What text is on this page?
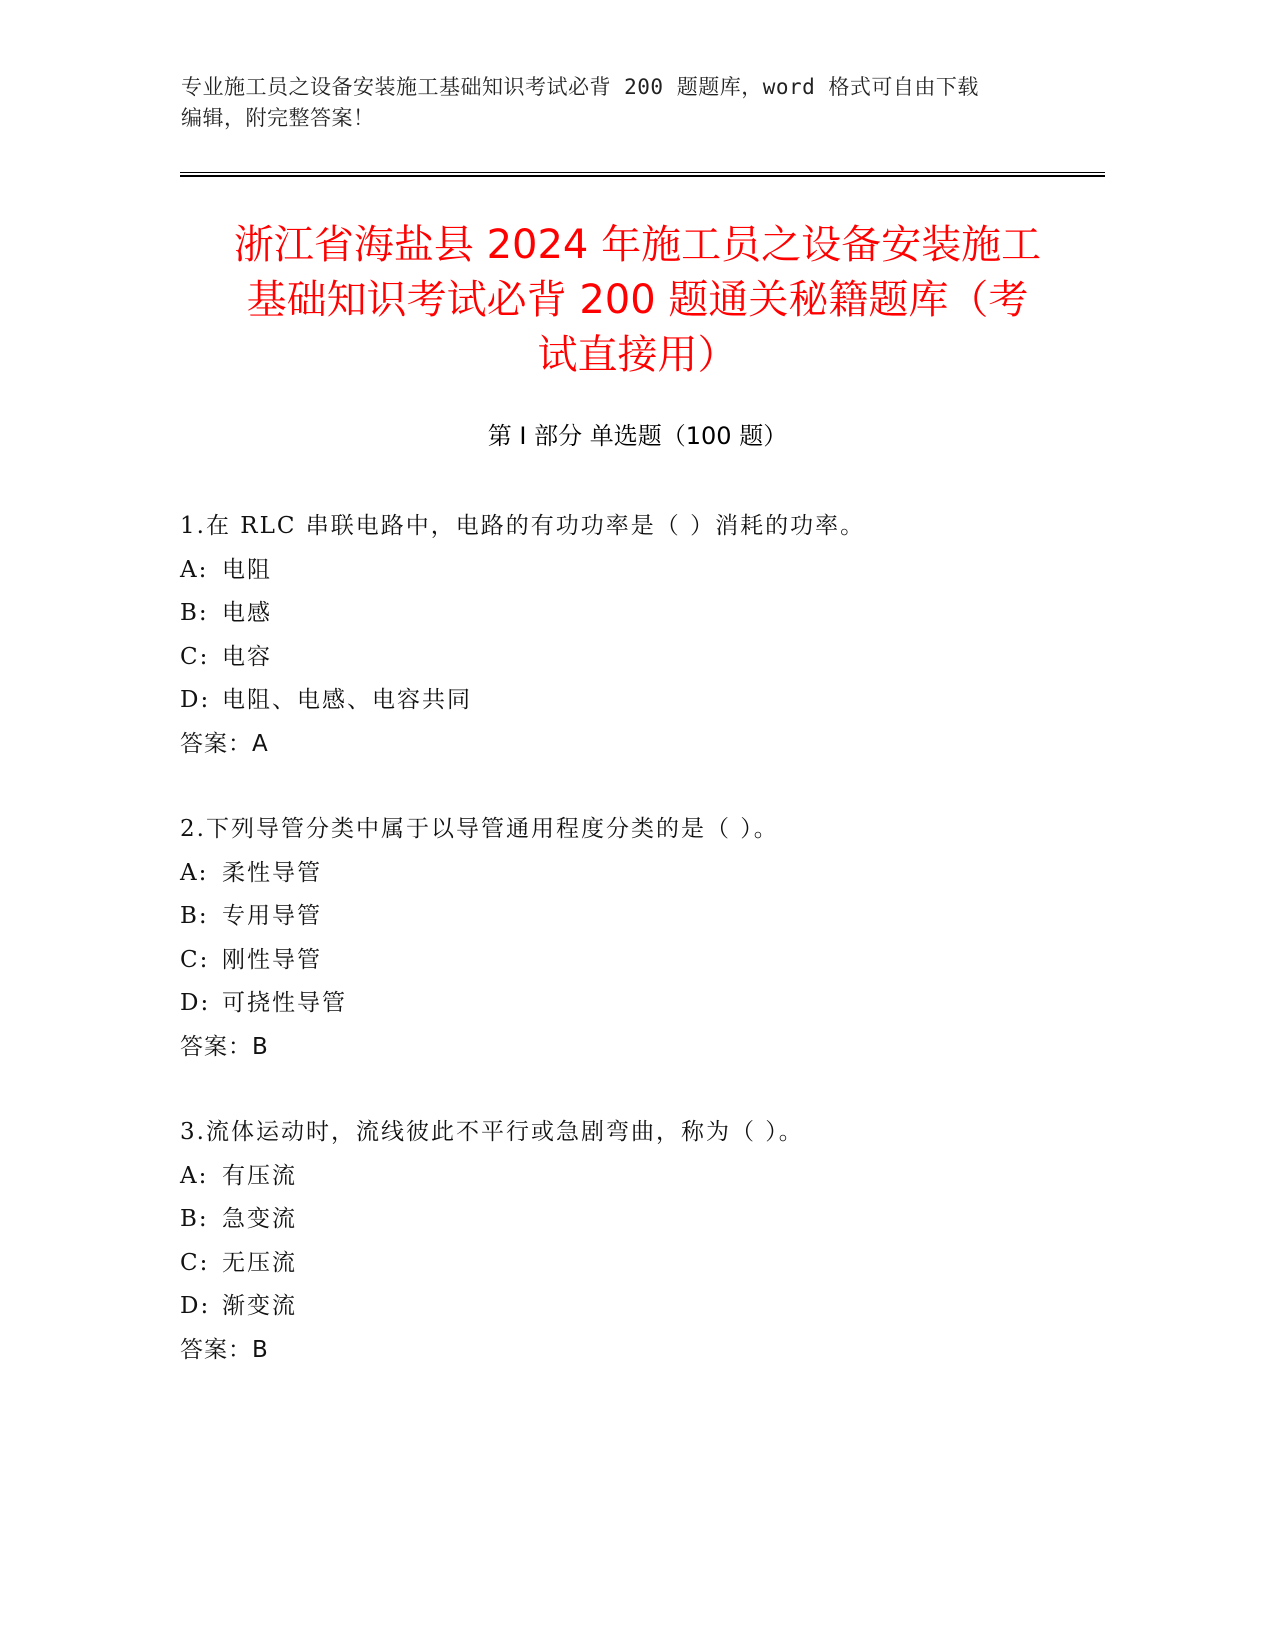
专业施工员之设备安装施工基础知识考试必背 200 题题库，word 格式可自由下载
编辑，附完整答案！
浙江省海盐县 2024 年施工员之设备安装施工
基础知识考试必背 200 题通关秘籍题库（考
试直接用）
第 I 部分 单选题（100 题）
1.在 RLC 串联电路中，电路的有功功率是（ ）消耗的功率。
A: 电阻
B: 电感
C: 电容
D: 电阻、电感、电容共同
答案：A
2.下列导管分类中属于以导管通用程度分类的是（ ）。
A: 柔性导管
B: 专用导管
C: 刚性导管
D: 可挠性导管
答案：B
3.流体运动时，流线彼此不平行或急剧弯曲，称为（ ）。
A: 有压流
B: 急变流
C: 无压流
D: 渐变流
答案：B
